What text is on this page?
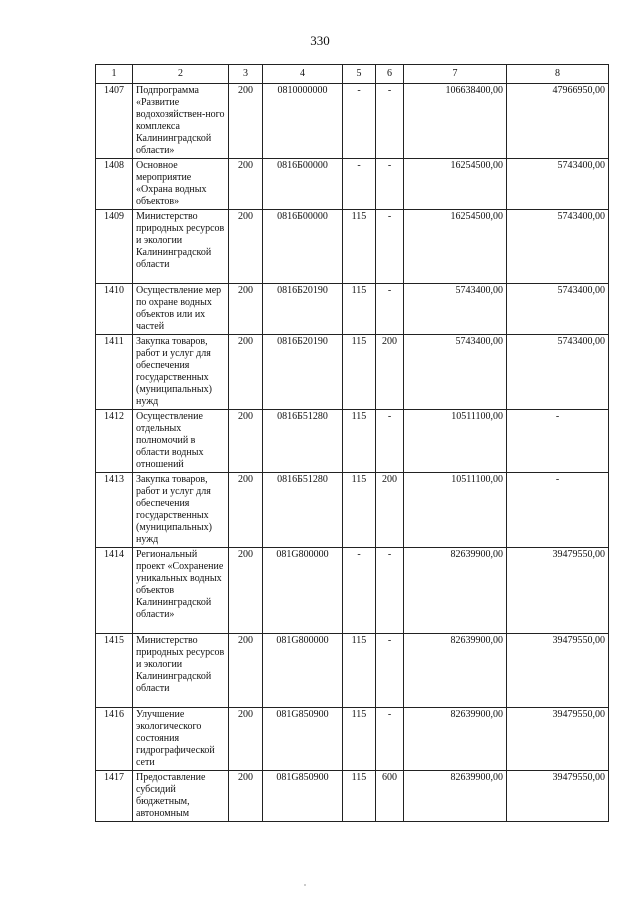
330
1	2	3	4	5	6	7	8
1407	Подпрограмма «Развитие водохозяйствен-ного комплекса Калининградской области»	200	0810000000	-	-	106638400,00	47966950,00
1408	Основное мероприятие «Охрана водных объектов»	200	0816Б00000	-	-	16254500,00	5743400,00
1409	Министерство природных ресурсов и экологии Калининградской области	200	0816Б00000	115	-	16254500,00	5743400,00
1410	Осуществление мер по охране водных объектов или их частей	200	0816Б20190	115	-	5743400,00	5743400,00
1411	Закупка товаров, работ и услуг для обеспечения государственных (муниципальных) нужд	200	0816Б20190	115	200	5743400,00	5743400,00
1412	Осуществление отдельных полномочий в области водных отношений	200	0816Б51280	115	-	10511100,00	-
1413	Закупка товаров, работ и услуг для обеспечения государственных (муниципальных) нужд	200	0816Б51280	115	200	10511100,00	-
1414	Региональный проект «Сохранение уникальных водных объектов Калининградской области»	200	081G800000	-	-	82639900,00	39479550,00
1415	Министерство природных ресурсов и экологии Калининградской области	200	081G800000	115	-	82639900,00	39479550,00
1416	Улучшение экологического состояния гидрографической сети	200	081G850900	115	-	82639900,00	39479550,00
1417	Предоставление субсидий бюджетным, автономным	200	081G850900	115	600	82639900,00	39479550,00
